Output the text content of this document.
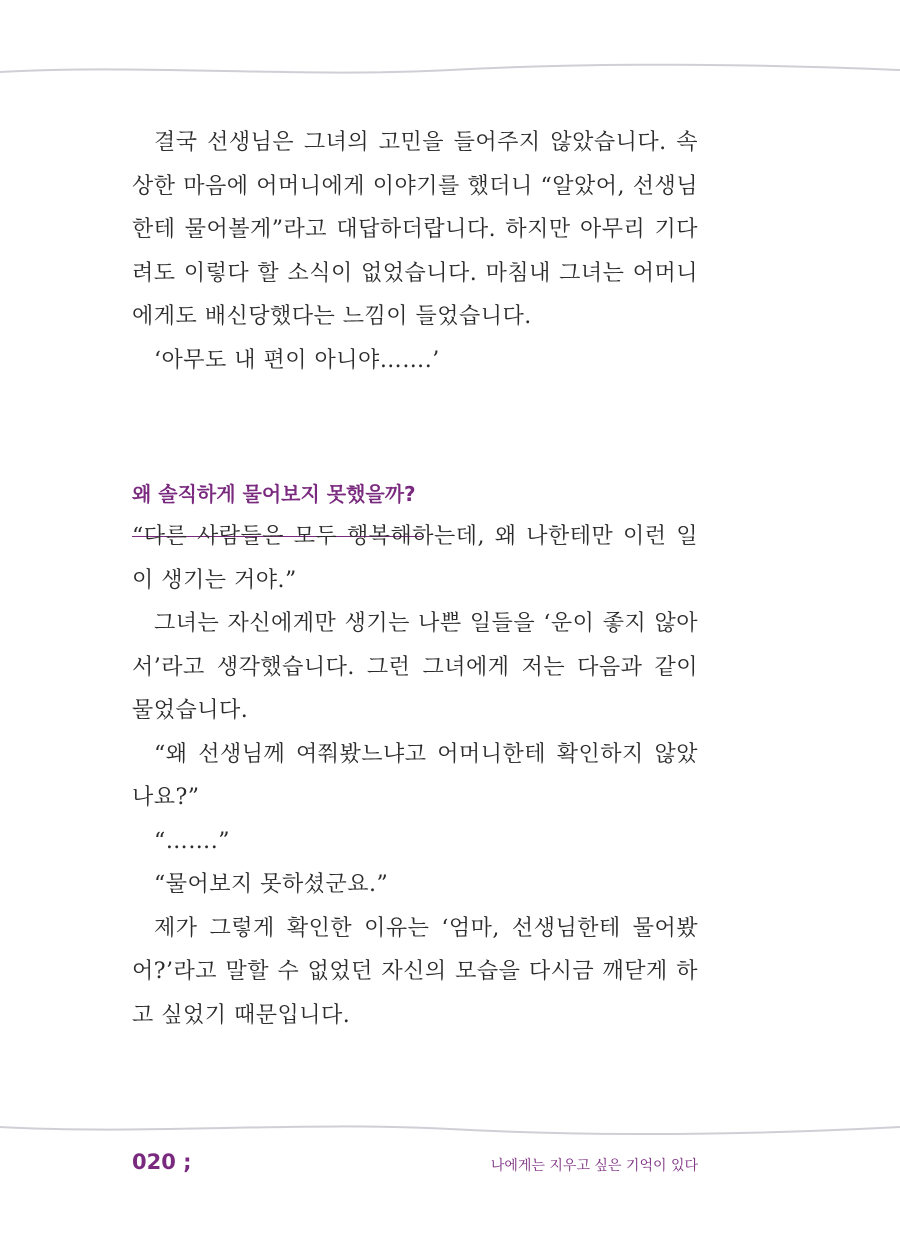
결국 선생님은 그녀의 고민을 들어주지 않았습니다. 속상한 마음에 어머니에게 이야기를 했더니 “알았어, 선생님한테 물어볼게”라고 대답하더랍니다. 하지만 아무리 기다려도 이렇다 할 소식이 없었습니다. 마침내 그녀는 어머니에게도 배신당했다는 느낌이 들었습니다.

‘아무도 내 편이 아니야…….’

왜 솔직하게 물어보지 못했을까?

“다른 사람들은 모두 행복해하는데, 왜 나한테만 이런 일이 생기는 거야.”

그녀는 자신에게만 생기는 나쁜 일들을 ‘운이 좋지 않아서’라고 생각했습니다. 그런 그녀에게 저는 다음과 같이 물었습니다.

“왜 선생님께 여쭤봤느냐고 어머니한테 확인하지 않았나요?”

“…….”

“물어보지 못하셨군요.”

제가 그렇게 확인한 이유는 ‘엄마, 선생님한테 물어봤어?’라고 말할 수 없었던 자신의 모습을 다시금 깨닫게 하고 싶었기 때문입니다.

020 ;	나에게는 지우고 싶은 기억이 있다
